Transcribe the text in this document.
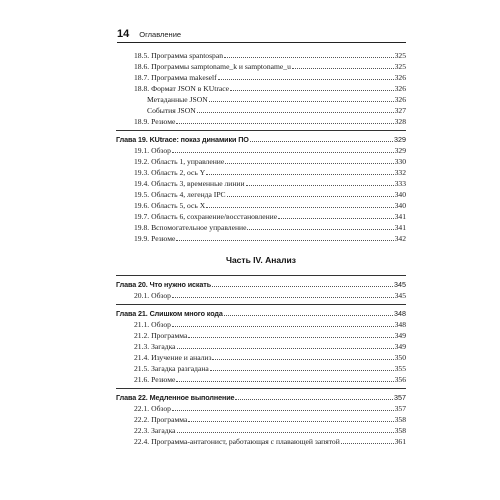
14 Оглавление
18.5. Программа spantospan	325
18.6. Программы samptoname_k и samptoname_u	325
18.7. Программа makeself	326
18.8. Формат JSON в KUtrace	326
Метаданные JSON	326
События JSON	327
18.9. Резюме	328
Глава 19. KUtrace: показ динамики ПО	329
19.1. Обзор	329
19.2. Область 1, управление	330
19.3. Область 2, ось Y	332
19.4. Область 3, временные линии	333
19.5. Область 4, легенда IPC	340
19.6. Область 5, ось X	340
19.7. Область 6, сохранение/восстановление	341
19.8. Вспомогательное управление	341
19.9. Резюме	342
Часть IV. Анализ
Глава 20. Что нужно искать	345
20.1. Обзор	345
Глава 21. Слишком много кода	348
21.1. Обзор	348
21.2. Программа	349
21.3. Загадка	349
21.4. Изучение и анализ	350
21.5. Загадка разгадана	355
21.6. Резюме	356
Глава 22. Медленное выполнение	357
22.1. Обзор	357
22.2. Программа	358
22.3. Загадка	358
22.4. Программа-антагонист, работающая с плавающей запятой	361
